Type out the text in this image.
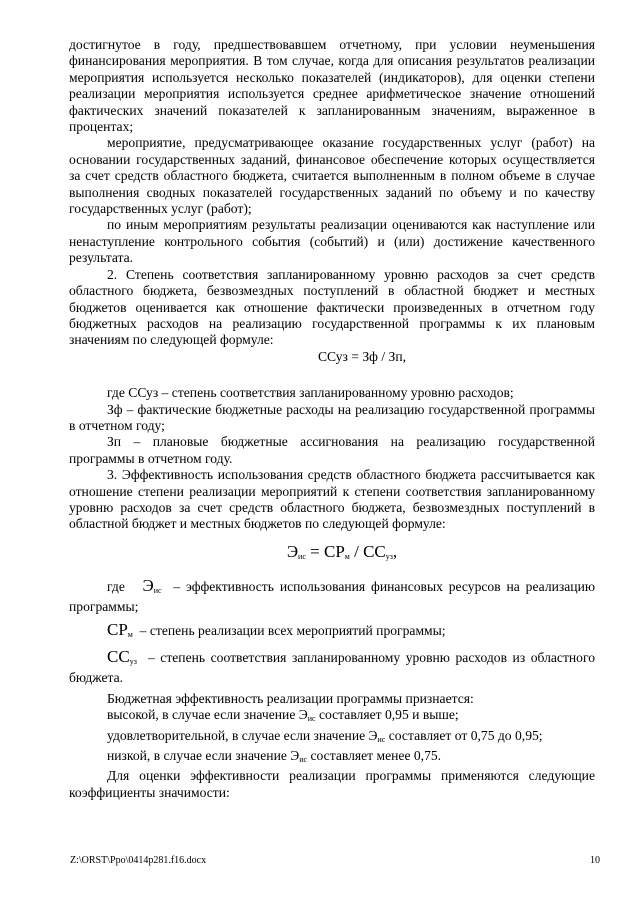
достигнутое в году, предшествовавшем отчетному, при условии неуменьшения финансирования мероприятия. В том случае, когда для описания результатов реализации мероприятия используется несколько показателей (индикаторов), для оценки степени реализации мероприятия используется среднее арифметическое значение отношений фактических значений показателей к запланированным значениям, выраженное в процентах;

мероприятие, предусматривающее оказание государственных услуг (работ) на основании государственных заданий, финансовое обеспечение которых осуществляется за счет средств областного бюджета, считается выполненным в полном объеме в случае выполнения сводных показателей государственных заданий по объему и по качеству государственных услуг (работ);

по иным мероприятиям результаты реализации оцениваются как наступление или ненаступление контрольного события (событий) и (или) достижение качественного результата.

2. Степень соответствия запланированному уровню расходов за счет средств областного бюджета, безвозмездных поступлений в областной бюджет и местных бюджетов оценивается как отношение фактически произведенных в отчетном году бюджетных расходов на реализацию государственной программы к их плановым значениям по следующей формуле:

ССуз = Зф / Зп,

где ССуз – степень соответствия запланированному уровню расходов;

Зф – фактические бюджетные расходы на реализацию государственной программы в отчетном году;

Зп – плановые бюджетные ассигнования на реализацию государственной программы в отчетном году.

3. Эффективность использования средств областного бюджета рассчитывается как отношение степени реализации мероприятий к степени соответствия запланированному уровню расходов за счет средств областного бюджета, безвозмездных поступлений в областной бюджет и местных бюджетов по следующей формуле:

$Э_{ис} = СР_м / СС_{уз}$,

где $Э_{ис}$ – эффективность использования финансовых ресурсов на реализацию программы;

$СР_м$ – степень реализации всех мероприятий программы;

$СС_{уз}$ – степень соответствия запланированному уровню расходов из областного бюджета.

Бюджетная эффективность реализации программы признается:

высокой, в случае если значение $Э_{ис}$ составляет 0,95 и выше;

удовлетворительной, в случае если значение $Э_{ис}$ составляет от 0,75 до 0,95;

низкой, в случае если значение $Э_{ис}$ составляет менее 0,75.

Для оценки эффективности реализации программы применяются следующие коэффициенты значимости:

Z:\ORST\Ppo\0414p281.f16.docx	10
